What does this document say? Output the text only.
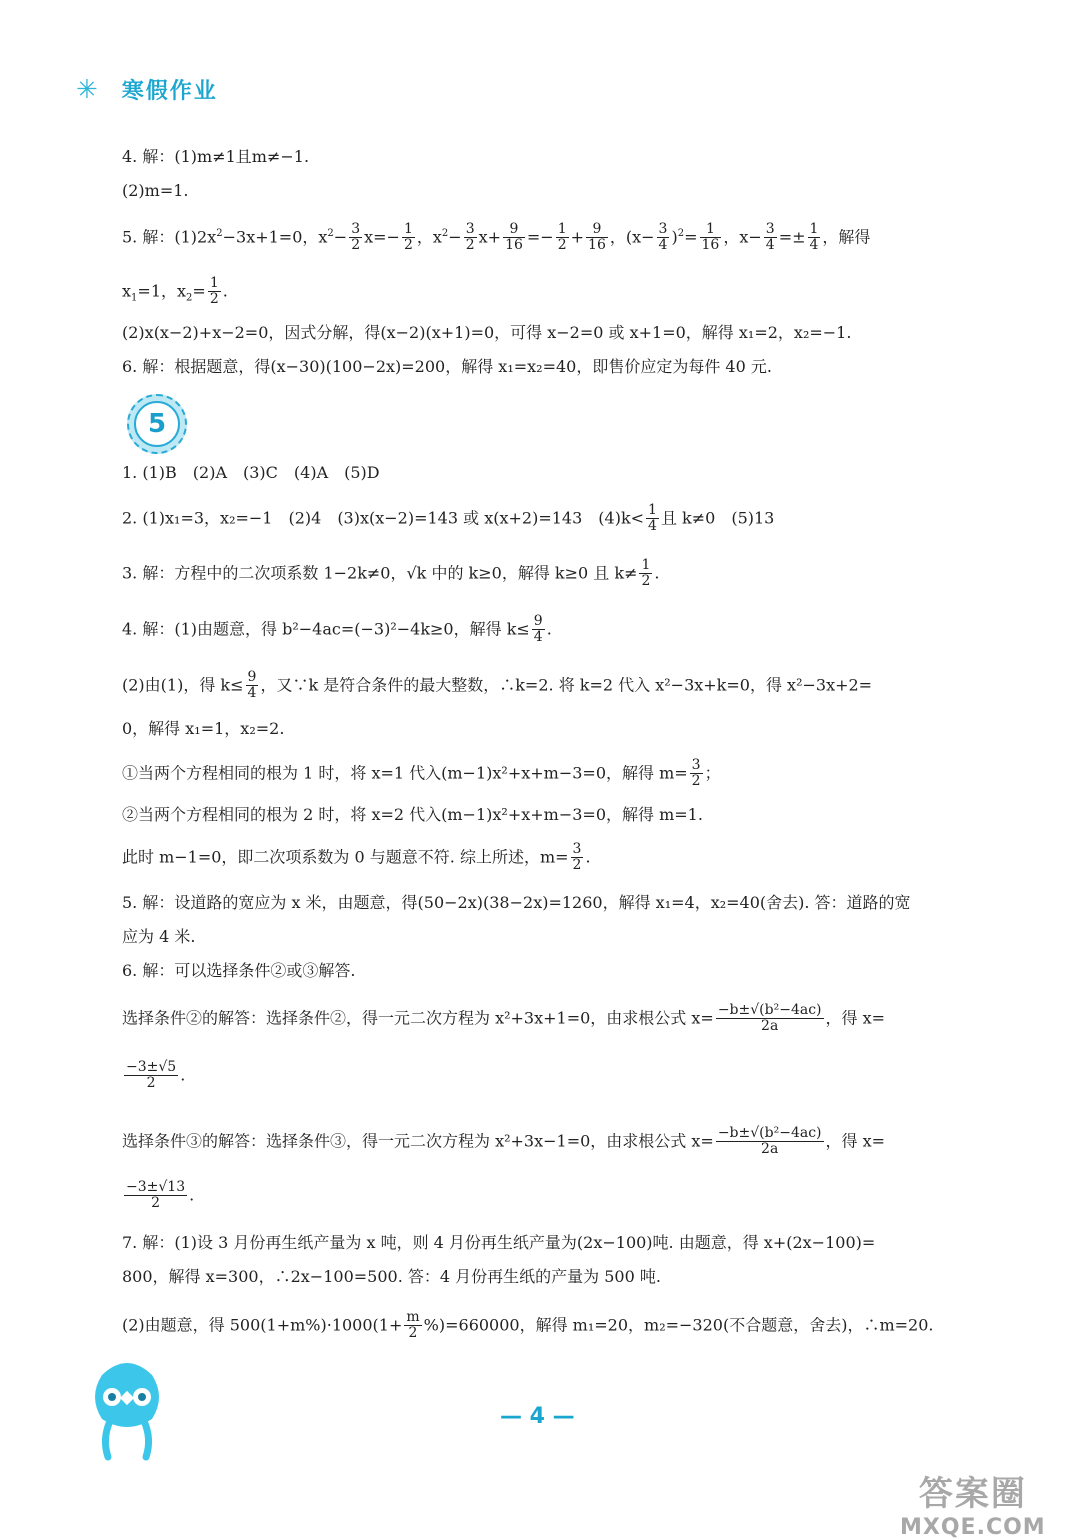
✳ 寒假作业
4. 解：(1)m≠1且m≠−1.
(2)m=1.
5. 解：$(1)2x^2-3x+1=0$，$x^2- \frac{3}{2} x=- \frac{1}{2}$ ，$x^2- \frac{3}{2} x+ \frac{9}{16} =- \frac{1}{2} + \frac{9}{16}$ ，$(x- \frac{3}{4} )^2= \frac{1}{16}$ ，$x- \frac{3}{4} =\pm \frac{1}{4}$ ，解得
$x_1=1$，$x_2= \frac{1}{2}$ .
(2)x(x−2)+x−2=0，因式分解，得(x−2)(x+1)=0，可得 x−2=0 或 x+1=0，解得 x₁=2，x₂=−1.
6. 解：根据题意，得(x−30)(100−2x)=200，解得 x₁=x₂=40，即售价应定为每件 40 元.
5
1. (1)B　(2)A　(3)C　(4)A　(5)D
2. (1)x₁=3，x₂=−1　(2)4　(3)x(x−2)=143 或 x(x+2)=143　$(4)k< \frac{1}{4}$ 且 k≠0　(5)13
3. 解：方程中的二次项系数 1−2k≠0，√k 中的 k≥0，解得 k≥0 且 $k\ne \frac{1}{2}$ .
4. 解：(1)由题意，得 b²−4ac=(−3)²−4k≥0，解得 $k\le \frac{9}{4}$ .
(2)由(1)，得 $k\le \frac{9}{4}$ ，又∵k 是符合条件的最大整数，∴k=2. 将 k=2 代入 x²−3x+k=0，得 x²−3x+2=
0，解得 x₁=1，x₂=2.
①当两个方程相同的根为 1 时，将 x=1 代入(m−1)x²+x+m−3=0，解得 $m= \frac{3}{2}$ ；
②当两个方程相同的根为 2 时，将 x=2 代入(m−1)x²+x+m−3=0，解得 m=1.
此时 m−1=0，即二次项系数为 0 与题意不符. 综上所述，$m= \frac{3}{2}$ .
5. 解：设道路的宽应为 x 米，由题意，得(50−2x)(38−2x)=1260，解得 x₁=4，x₂=40(舍去). 答：道路的宽
应为 4 米.
6. 解：可以选择条件②或③解答.
选择条件②的解答：选择条件②，得一元二次方程为 x²+3x+1=0，由求根公式 $x= \frac{\text{−b±√(b²−4ac)}}{2a}$ ，得 x=
$\frac{-3\pm√5}{2}$ .
选择条件③的解答：选择条件③，得一元二次方程为 x²+3x−1=0，由求根公式 $x= \frac{\text{−b±√(b²−4ac)}}{2a}$ ，得 x=
$\frac{-3\pm√13}{2}$ .
7. 解：(1)设 3 月份再生纸产量为 x 吨，则 4 月份再生纸产量为(2x−100)吨. 由题意，得 x+(2x−100)=
800，解得 x=300，∴2x−100=500. 答：4 月份再生纸的产量为 500 吨.
(2)由题意，得 $500(1+m\%)\cdot 1000(1+ \frac{m}{2} \%)=660000$，解得 m₁=20，m₂=−320(不合题意，舍去)，∴m=20.
— 4 —
答案圈
MXQE.COM
